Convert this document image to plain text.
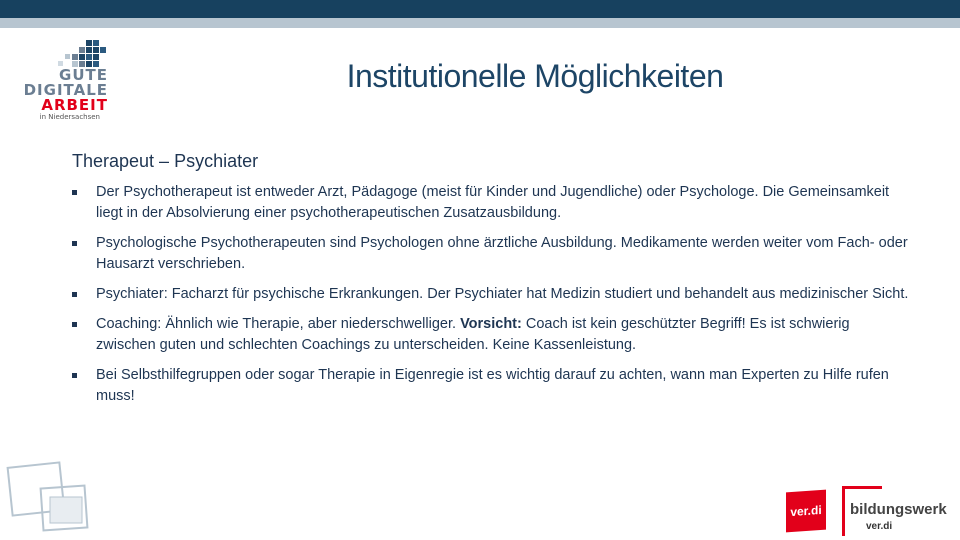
GUTE
DIGITALE
ARBEIT
in Niedersachsen
Institutionelle Möglichkeiten
Therapeut – Psychiater
Der Psychotherapeut ist entweder Arzt, Pädagoge (meist für Kinder und Jugendliche) oder Psychologe. Die Gemeinsamkeit liegt in der Absolvierung einer psychotherapeutischen Zusatzausbildung.
Psychologische Psychotherapeuten sind Psychologen ohne ärztliche Ausbildung. Medikamente werden weiter vom Fach- oder Hausarzt verschrieben.
Psychiater: Facharzt für psychische Erkrankungen. Der Psychiater hat Medizin studiert und behandelt aus medizinischer Sicht.
Coaching: Ähnlich wie Therapie, aber niederschwelliger. Vorsicht: Coach ist kein geschützter Begriff! Es ist schwierig zwischen guten und schlechten Coachings zu unterscheiden. Keine Kassenleistung.
Bei Selbsthilfegruppen oder sogar Therapie in Eigenregie ist es wichtig darauf zu achten, wann man Experten zu Hilfe rufen muss!
ver.di bildungswerk
ver.di
